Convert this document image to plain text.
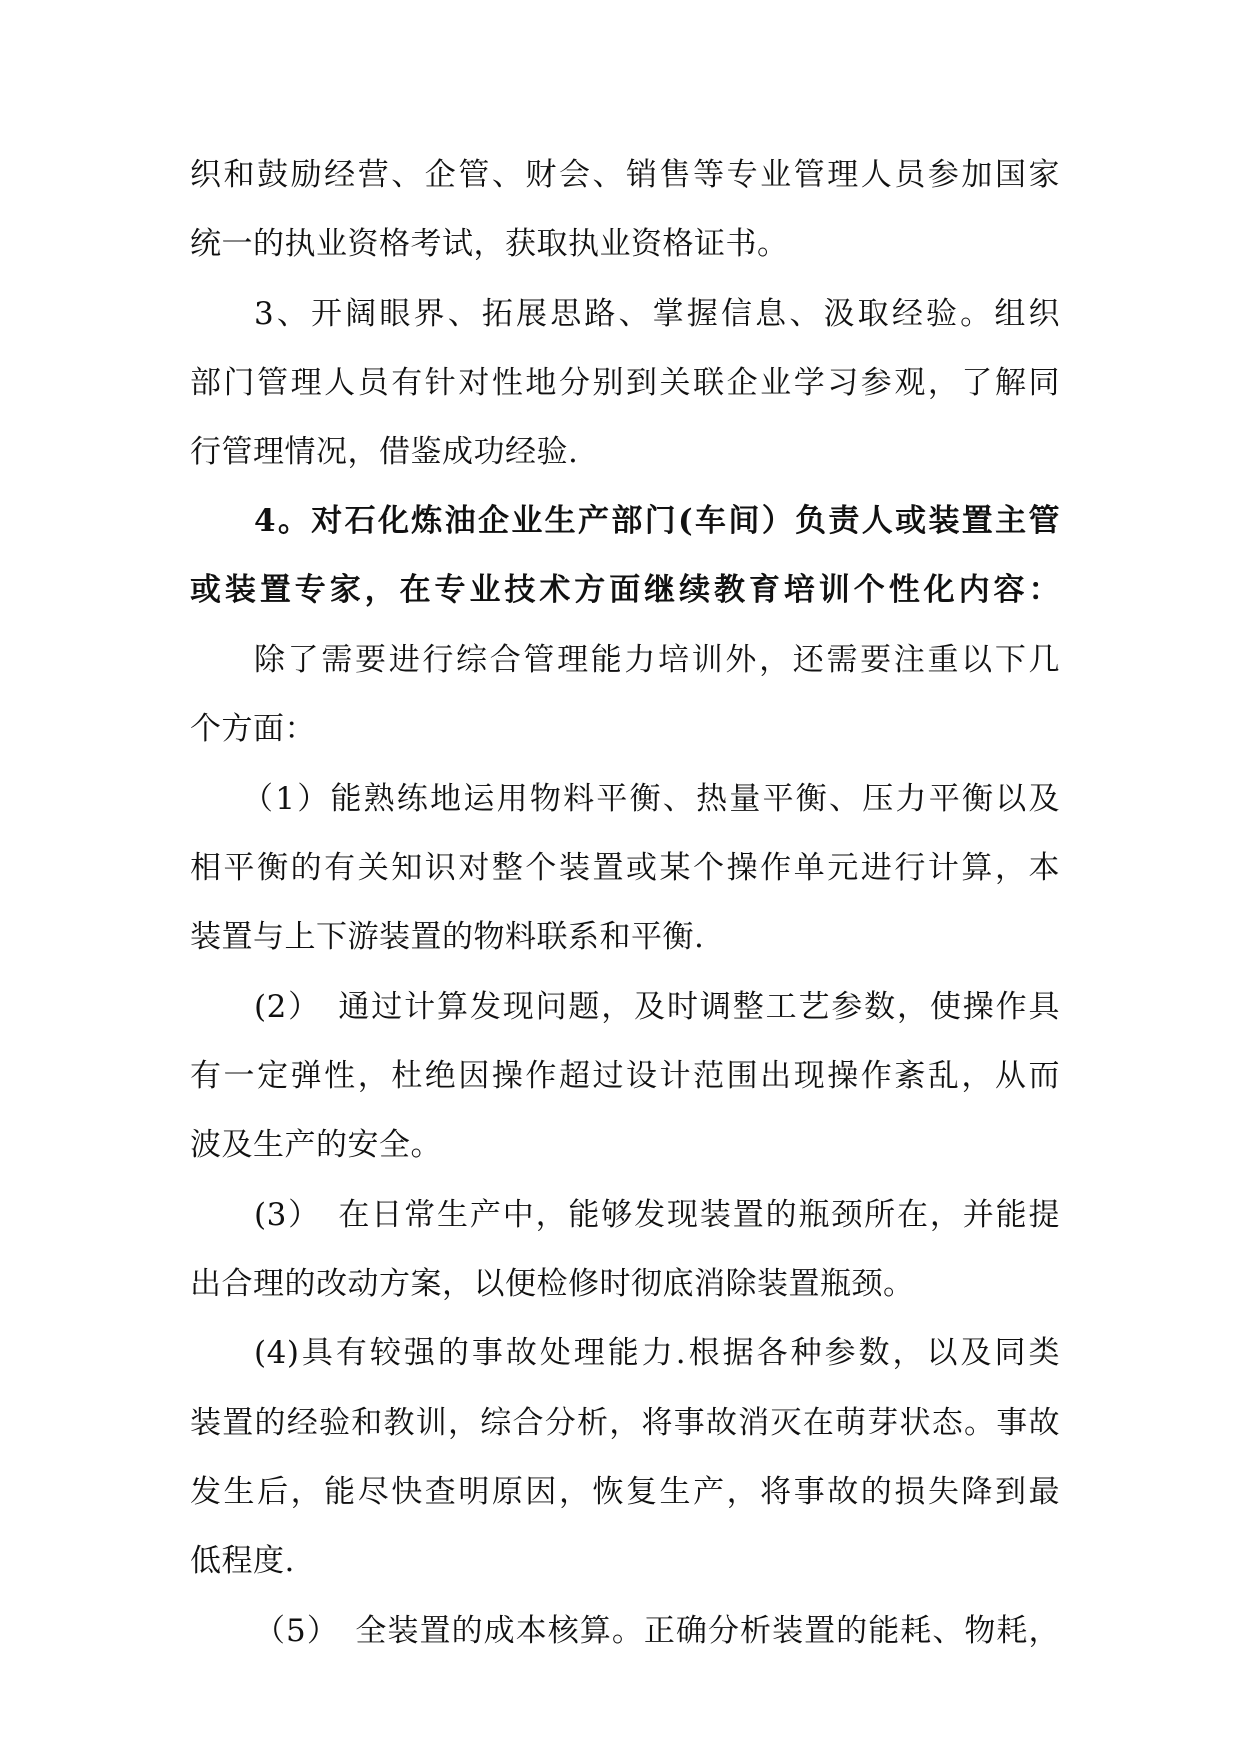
织和鼓励经营、企管、财会、销售等专业管理人员参加国家
统一的执业资格考试，获取执业资格证书。
3、开阔眼界、拓展思路、掌握信息、汲取经验。组织
部门管理人员有针对性地分别到关联企业学习参观，了解同
行管理情况，借鉴成功经验.
4。对石化炼油企业生产部门(车间）负责人或装置主管
或装置专家，在专业技术方面继续教育培训个性化内容：
除了需要进行综合管理能力培训外，还需要注重以下几
个方面：
（1）能熟练地运用物料平衡、热量平衡、压力平衡以及
相平衡的有关知识对整个装置或某个操作单元进行计算，本
装置与上下游装置的物料联系和平衡.
(2）　通过计算发现问题，及时调整工艺参数，使操作具
有一定弹性，杜绝因操作超过设计范围出现操作紊乱，从而
波及生产的安全。
(3）　在日常生产中，能够发现装置的瓶颈所在，并能提
出合理的改动方案，以便检修时彻底消除装置瓶颈。
(4)具有较强的事故处理能力.根据各种参数，以及同类
装置的经验和教训，综合分析，将事故消灭在萌芽状态。事故
发生后，能尽快查明原因，恢复生产，将事故的损失降到最
低程度.
（5）　全装置的成本核算。正确分析装置的能耗、物耗，
